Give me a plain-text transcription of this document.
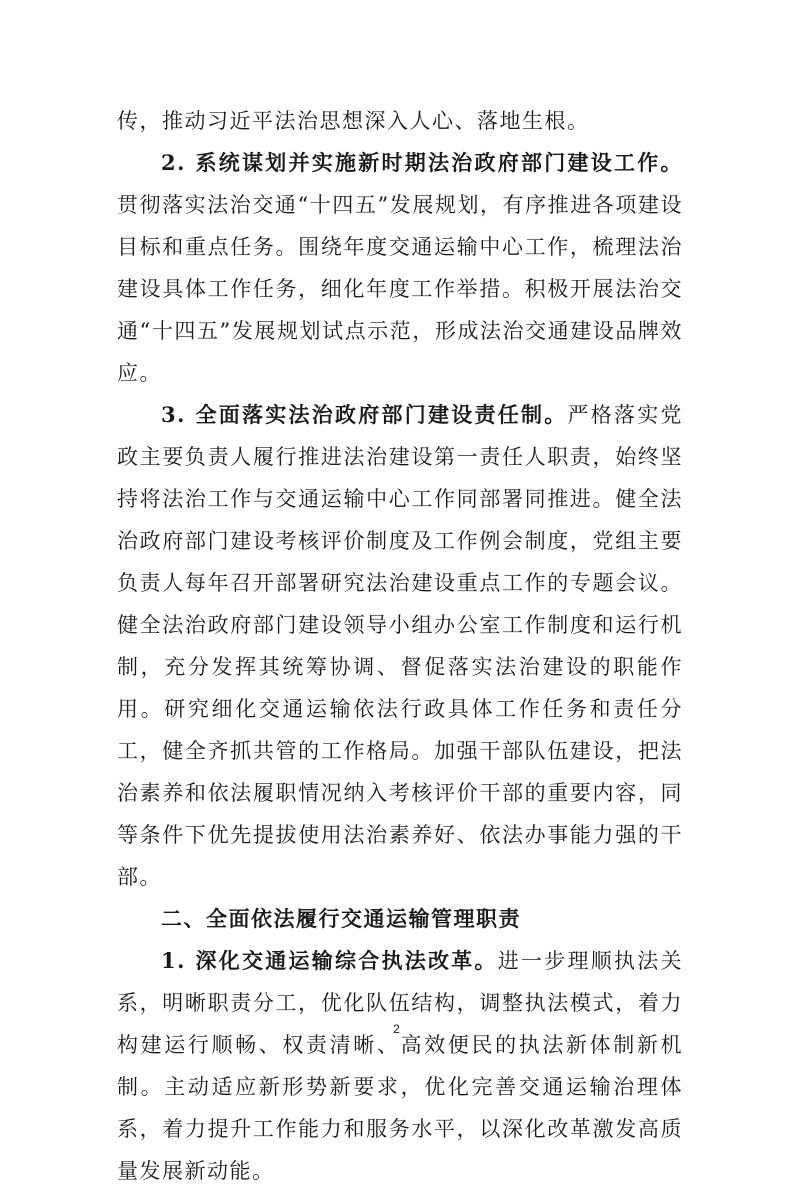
传，推动习近平法治思想深入人心、落地生根。

2. 系统谋划并实施新时期法治政府部门建设工作。贯彻落实法治交通“十四五”发展规划，有序推进各项建设目标和重点任务。围绕年度交通运输中心工作，梳理法治建设具体工作任务，细化年度工作举措。积极开展法治交通“十四五”发展规划试点示范，形成法治交通建设品牌效应。

3. 全面落实法治政府部门建设责任制。严格落实党政主要负责人履行推进法治建设第一责任人职责，始终坚持将法治工作与交通运输中心工作同部署同推进。健全法治政府部门建设考核评价制度及工作例会制度，党组主要负责人每年召开部署研究法治建设重点工作的专题会议。健全法治政府部门建设领导小组办公室工作制度和运行机制，充分发挥其统筹协调、督促落实法治建设的职能作用。研究细化交通运输依法行政具体工作任务和责任分工，健全齐抓共管的工作格局。加强干部队伍建设，把法治素养和依法履职情况纳入考核评价干部的重要内容，同等条件下优先提拔使用法治素养好、依法办事能力强的干部。

二、全面依法履行交通运输管理职责

1. 深化交通运输综合执法改革。进一步理顺执法关系，明晰职责分工，优化队伍结构，调整执法模式，着力构建运行顺畅、权责清晰、高效便民的执法新体制新机制。主动适应新形势新要求，优化完善交通运输治理体系，着力提升工作能力和服务水平，以深化改革激发高质量发展新动能。

2
